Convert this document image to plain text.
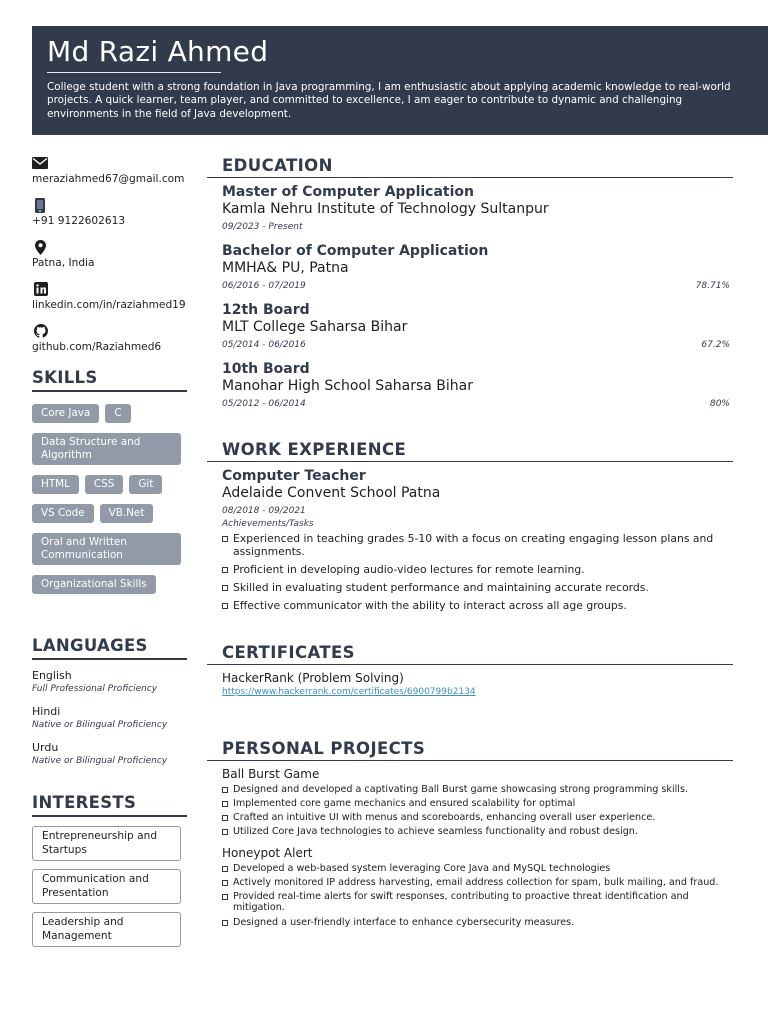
Md Razi Ahmed
College student with a strong foundation in Java programming, I am enthusiastic about applying academic knowledge to real-world projects. A quick learner, team player, and committed to excellence, I am eager to contribute to dynamic and challenging environments in the field of Java development.
meraziahmed67@gmail.com
+91 9122602613
Patna, India
linkedin.com/in/raziahmed19
github.com/Raziahmed6
SKILLS
Core Java	C
Data Structure and Algorithm
HTML	CSS	Git
VS Code	VB.Net
Oral and Written Communication
Organizational Skills
LANGUAGES
English
Full Professional Proficiency
Hindi
Native or Bilingual Proficiency
Urdu
Native or Bilingual Proficiency
INTERESTS
Entrepreneurship and Startups
Communication and Presentation
Leadership and Management
EDUCATION
Master of Computer Application
Kamla Nehru Institute of Technology Sultanpur
09/2023 - Present
Bachelor of Computer Application
MMHA& PU, Patna
06/2016 - 07/2019	78.71%
12th Board
MLT College Saharsa Bihar
05/2014 - 06/2016	67.2%
10th Board
Manohar High School Saharsa Bihar
05/2012 - 06/2014	80%
WORK EXPERIENCE
Computer Teacher
Adelaide Convent School Patna
08/2018 - 09/2021
Achievements/Tasks
Experienced in teaching grades 5-10 with a focus on creating engaging lesson plans and assignments.
Proficient in developing audio-video lectures for remote learning.
Skilled in evaluating student performance and maintaining accurate records.
Effective communicator with the ability to interact across all age groups.
CERTIFICATES
HackerRank (Problem Solving)
https://www.hackerrank.com/certificates/6900799b2134
PERSONAL PROJECTS
Ball Burst Game
Designed and developed a captivating Ball Burst game showcasing strong programming skills.
Implemented core game mechanics and ensured scalability for optimal
Crafted an intuitive UI with menus and scoreboards, enhancing overall user experience.
Utilized Core Java technologies to achieve seamless functionality and robust design.
Honeypot Alert
Developed a web-based system leveraging Core Java and MySQL technologies
Actively monitored IP address harvesting, email address collection for spam, bulk mailing, and fraud.
Provided real-time alerts for swift responses, contributing to proactive threat identification and mitigation.
Designed a user-friendly interface to enhance cybersecurity measures.
